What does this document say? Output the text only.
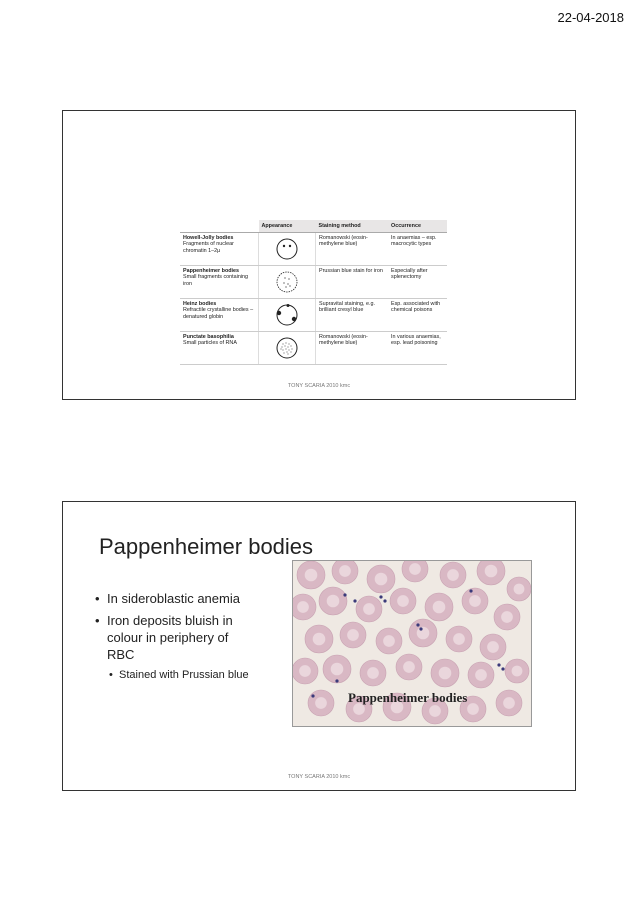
22-04-2018
	Appearance	Staining method	Occurrence

Howell-Jolly bodies
Fragments of nuclear chromatin 1–2μ		Romanowski (eosin-methylene blue)	In anaemias – esp. macrocytic types

Pappenheimer bodies
Small fragments containing iron		Prussian blue stain for iron	Especially after splenectomy

Heinz bodies
Refractile crystalline bodies – denatured globin		Supravital staining, e.g. brilliant cresyl blue	Esp. associated with chemical poisons

Punctate basophilia
Small particles of RNA		Romanowski (eosin-methylene blue)	In various anaemias, esp. lead poisoning
TONY SCARIA 2010 kmc
Pappenheimer bodies
• In sideroblastic anemia
• Iron deposits bluish in colour in periphery of RBC
• Stained with Prussian blue
Pappenheimer bodies
TONY SCARIA 2010 kmc
